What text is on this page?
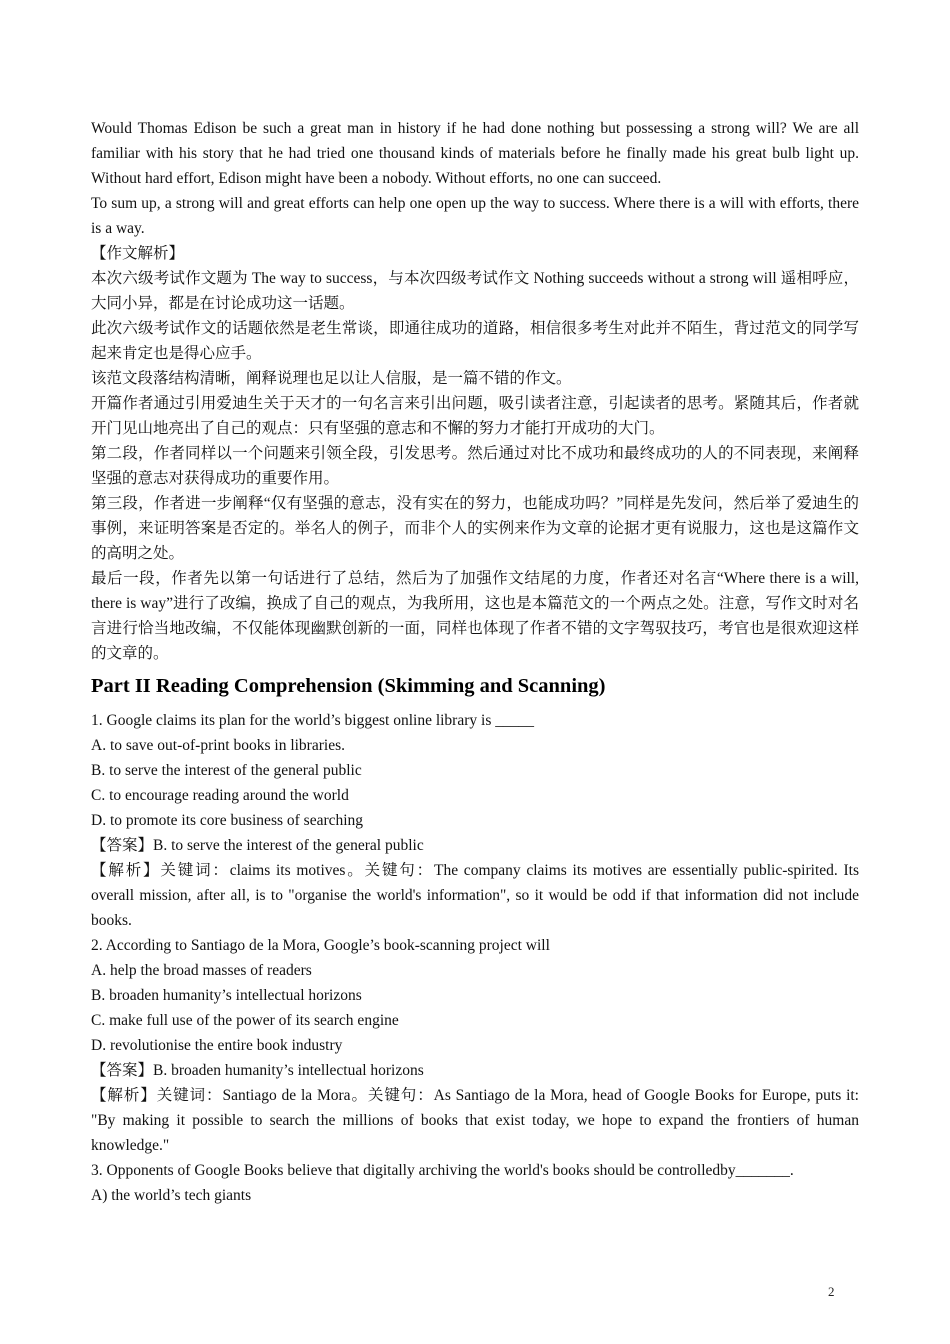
Would Thomas Edison be such a great man in history if he had done nothing but possessing a strong will? We are all familiar with his story that he had tried one thousand kinds of materials before he finally made his great bulb light up. Without hard effort, Edison might have been a nobody. Without efforts, no one can succeed.

To sum up, a strong will and great efforts can help one open up the way to success. Where there is a will with efforts, there is a way.

【作文解析】

本次六级考试作文题为 The way to success，与本次四级考试作文 Nothing succeeds without a strong will 遥相呼应，大同小异，都是在讨论成功这一话题。

此次六级考试作文的话题依然是老生常谈，即通往成功的道路，相信很多考生对此并不陌生，背过范文的同学写起来肯定也是得心应手。

该范文段落结构清晰，阐释说理也足以让人信服，是一篇不错的作文。

开篇作者通过引用爱迪生关于天才的一句名言来引出问题，吸引读者注意，引起读者的思考。紧随其后，作者就开门见山地亮出了自己的观点：只有坚强的意志和不懈的努力才能打开成功的大门。

第二段，作者同样以一个问题来引领全段，引发思考。然后通过对比不成功和最终成功的人的不同表现，来阐释坚强的意志对获得成功的重要作用。

第三段，作者进一步阐释“仅有坚强的意志，没有实在的努力，也能成功吗？”同样是先发问，然后举了爱迪生的事例，来证明答案是否定的。举名人的例子，而非个人的实例来作为文章的论据才更有说服力，这也是这篇作文的高明之处。

最后一段，作者先以第一句话进行了总结，然后为了加强作文结尾的力度，作者还对名言“Where there is a will, there is way”进行了改编，换成了自己的观点，为我所用，这也是本篇范文的一个两点之处。注意，写作文时对名言进行恰当地改编，不仅能体现幽默创新的一面，同样也体现了作者不错的文字驾驭技巧，考官也是很欢迎这样的文章的。

Part II Reading Comprehension (Skimming and Scanning)

1. Google claims its plan for the world’s biggest online library is _____

A. to save out-of-print books in libraries.

B. to serve the interest of the general public

C. to encourage reading around the world

D. to promote its core business of searching

【答案】B. to serve the interest of the general public

【解析】关键词：claims its motives。关键句：The company claims its motives are essentially public-spirited. Its overall mission, after all, is to "organise the world's information", so it would be odd if that information did not include books.

2. According to Santiago de la Mora, Google’s book-scanning project will

A. help the broad masses of readers

B. broaden humanity’s intellectual horizons

C. make full use of the power of its search engine

D. revolutionise the entire book industry

【答案】B. broaden humanity’s intellectual horizons

【解析】关键词：Santiago de la Mora。关键句：As Santiago de la Mora, head of Google Books for Europe, puts it: "By making it possible to search the millions of books that exist today, we hope to expand the frontiers of human knowledge."

3. Opponents of Google Books believe that digitally archiving the world's books should be controlledby_______.

A) the world’s tech giants

2
